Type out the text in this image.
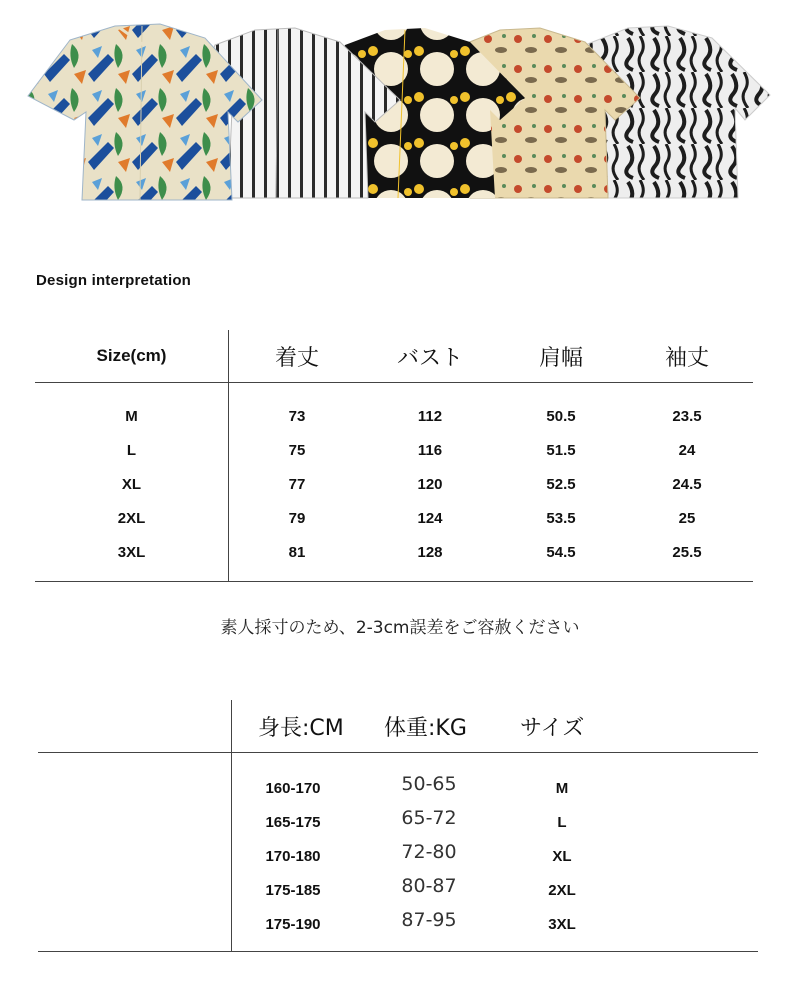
Design interpretation
Size(cm)	着丈	バスト	肩幅	袖丈
M	73	112	50.5	23.5
L	75	116	51.5	24
XL	77	120	52.5	24.5
2XL	79	124	53.5	25
3XL	81	128	54.5	25.5
素人採寸のため、2-3cm誤差をご容赦ください
身長:CM 体重:KG サイズ
160-170	50-65	M
165-175	65-72	L
170-180	72-80	XL
175-185	80-87	2XL
175-190	87-95	3XL
